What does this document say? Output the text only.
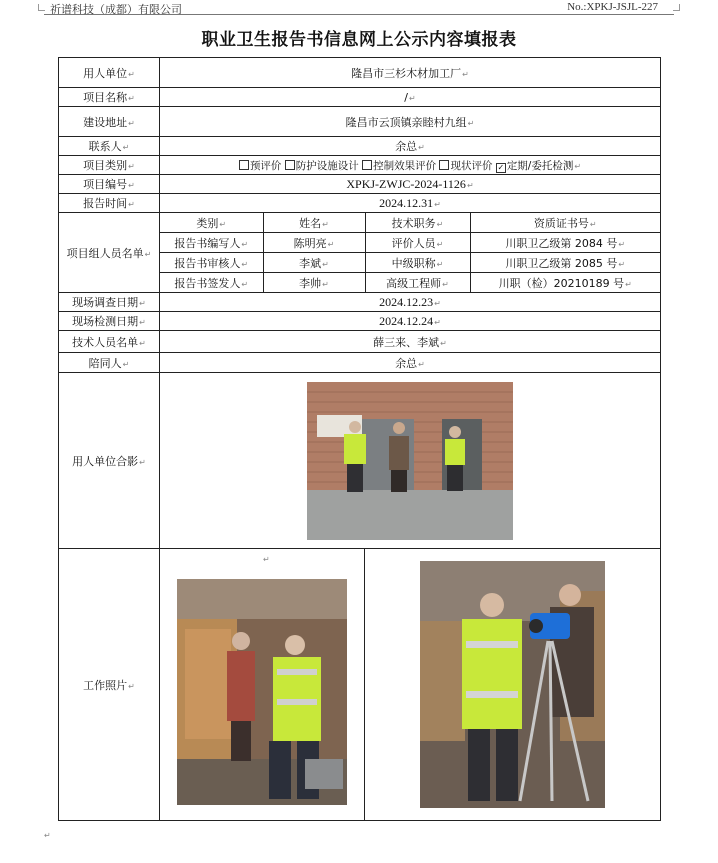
祈谱科技（成都）有限公司	No.:XPKJ-JSJL-227
职业卫生报告书信息网上公示内容填报表
用人单位↵	隆昌市三杉木材加工厂↵
项目名称↵	/↵
建设地址↵	隆昌市云顶镇亲睦村九组↵
联系人↵	余总↵
项目类别↵	预评价 防护设施设计 控制效果评价 现状评价 ✓ 定期/委托检测↵
项目编号↵	XPKJ-ZWJC-2024-1126↵
报告时间↵	2024.12.31↵
项目组人员名单↵	
类别↵	姓名↵	技术职务↵	资质证书号↵
报告书编写人↵	陈明亮↵	评价人员↵	川职卫乙级第 2084 号↵
报告书审核人↵	李斌↵	中级职称↵	川职卫乙级第 2085 号↵
报告书签发人↵	李帅↵	高级工程师↵	川职（检）20210189 号↵

现场调查日期↵	2024.12.23↵
现场检测日期↵	2024.12.24↵
技术人员名单↵	薛三来、李斌↵
陪同人↵	余总↵
用人单位合影↵	

工作照片↵	
↵

↵
